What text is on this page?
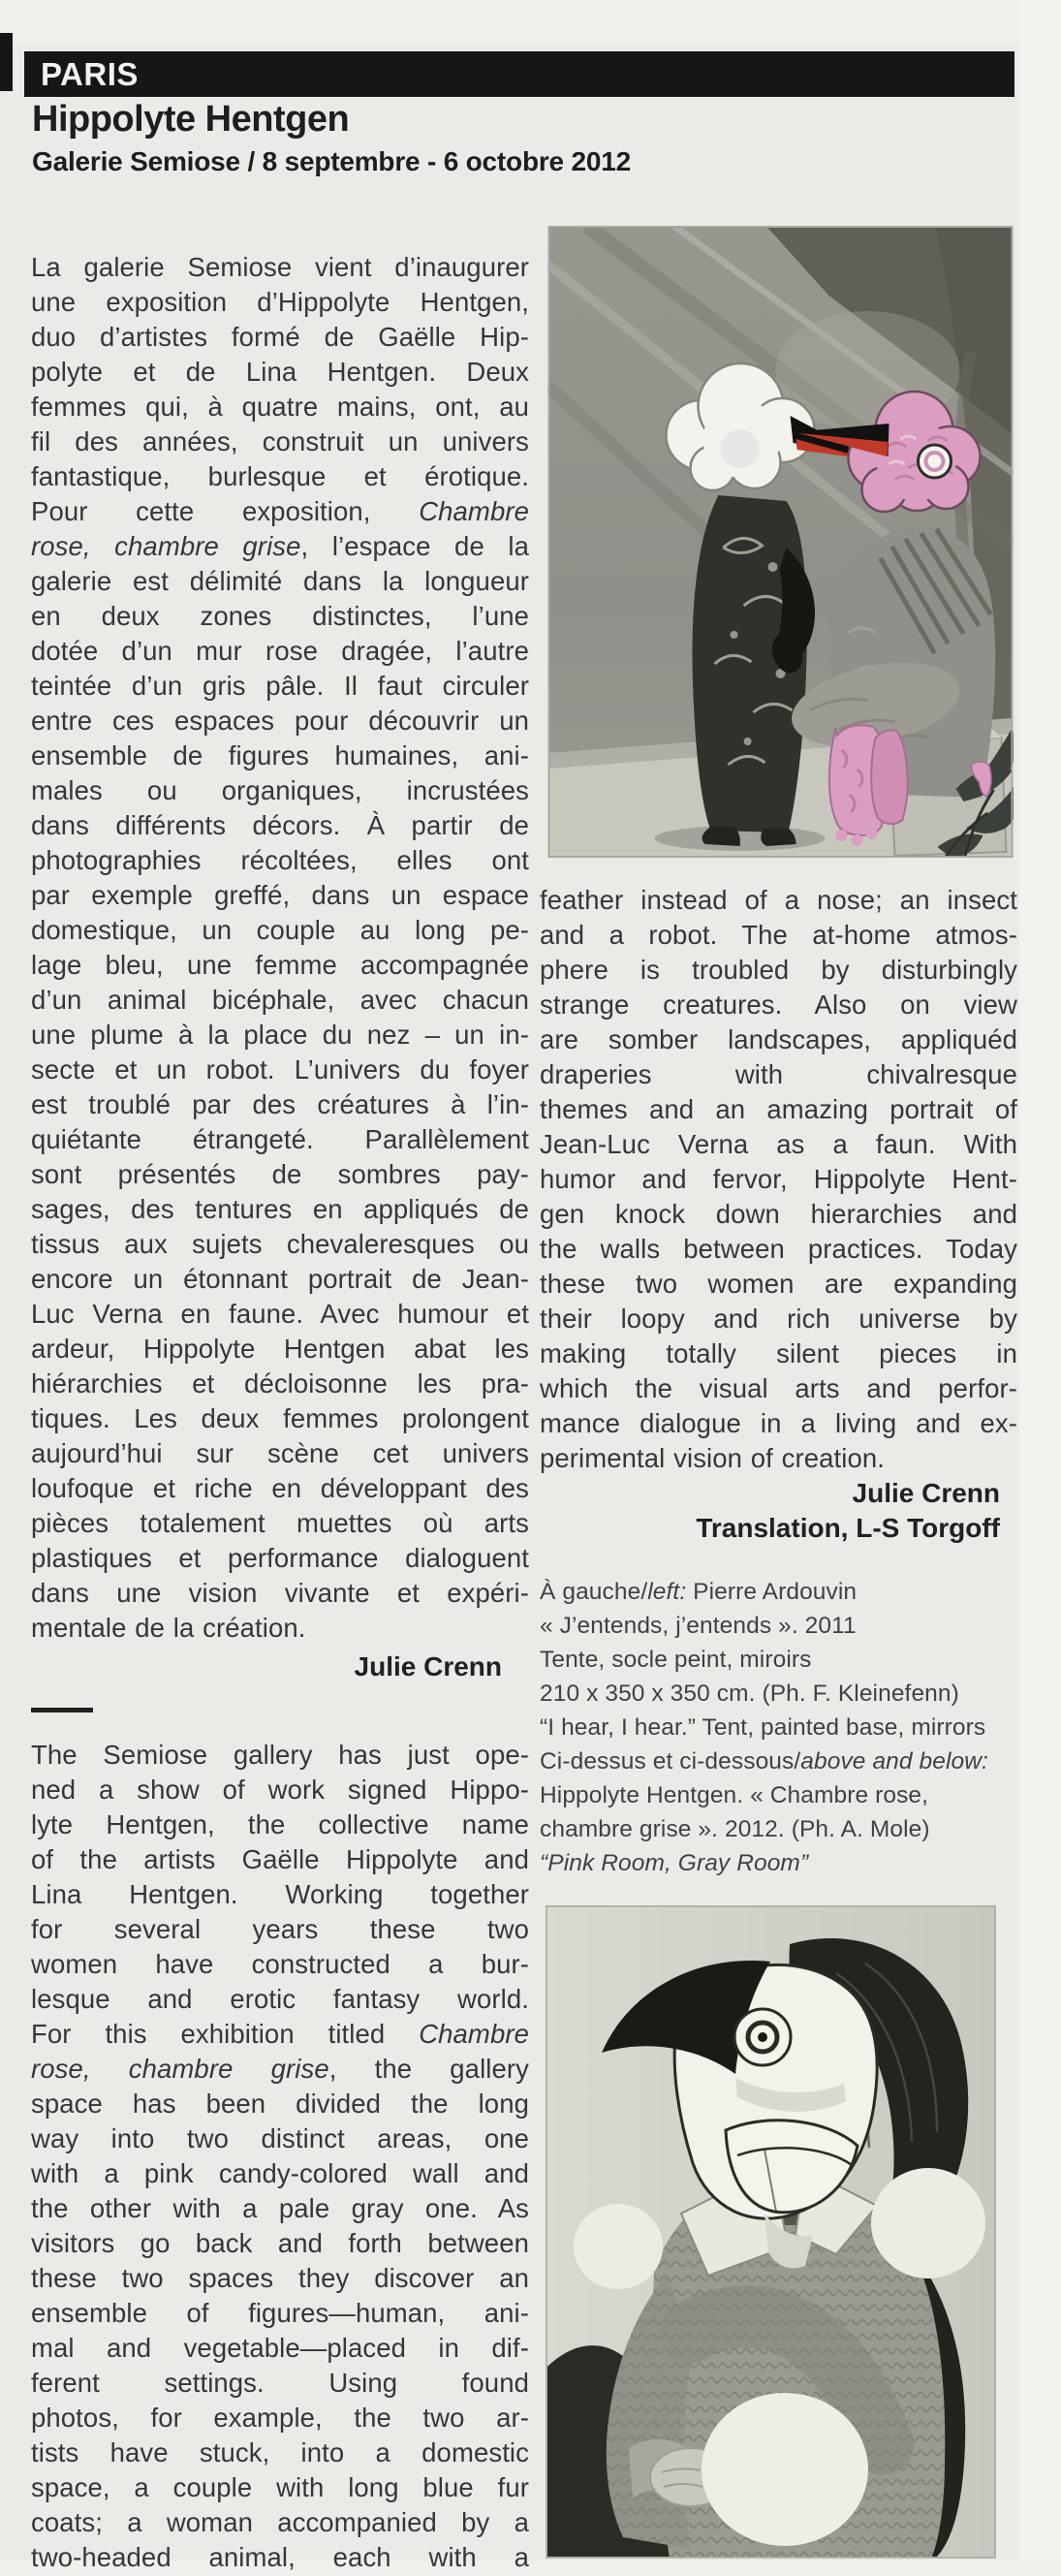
PARIS
Hippolyte Hentgen
Galerie Semiose / 8 septembre - 6 octobre 2012
La galerie Semiose vient d’inaugurer
une exposition d’Hippolyte Hentgen,
duo d’artistes formé de Gaëlle Hip-
polyte et de Lina Hentgen. Deux
femmes qui, à quatre mains, ont, au
fil des années, construit un univers
fantastique, burlesque et érotique.
Pour cette exposition, Chambre
rose, chambre grise, l’espace de la
galerie est délimité dans la longueur
en deux zones distinctes, l’une
dotée d’un mur rose dragée, l’autre
teintée d’un gris pâle. Il faut circuler
entre ces espaces pour découvrir un
ensemble de figures humaines, ani-
males ou organiques, incrustées
dans différents décors. À partir de
photographies récoltées, elles ont
par exemple greffé, dans un espace
domestique, un couple au long pe-
lage bleu, une femme accompagnée
d’un animal bicéphale, avec chacun
une plume à la place du nez – un in-
secte et un robot. L’univers du foyer
est troublé par des créatures à l’in-
quiétante étrangeté. Parallèlement
sont présentés de sombres pay-
sages, des tentures en appliqués de
tissus aux sujets chevaleresques ou
encore un étonnant portrait de Jean-
Luc Verna en faune. Avec humour et
ardeur, Hippolyte Hentgen abat les
hiérarchies et décloisonne les pra-
tiques. Les deux femmes prolongent
aujourd’hui sur scène cet univers
loufoque et riche en développant des
pièces totalement muettes où arts
plastiques et performance dialoguent
dans une vision vivante et expéri-
mentale de la création.
Julie Crenn
The Semiose gallery has just ope-
ned a show of work signed Hippo-
lyte Hentgen, the collective name
of the artists Gaëlle Hippolyte and
Lina Hentgen. Working together
for several years these two
women have constructed a bur-
lesque and erotic fantasy world.
For this exhibition titled Chambre
rose, chambre grise, the gallery
space has been divided the long
way into two distinct areas, one
with a pink candy-colored wall and
the other with a pale gray one. As
visitors go back and forth between
these two spaces they discover an
ensemble of figures—human, ani-
mal and vegetable—placed in dif-
ferent settings. Using found
photos, for example, the two ar-
tists have stuck, into a domestic
space, a couple with long blue fur
coats; a woman accompanied by a
two-headed animal, each with a
feather instead of a nose; an insect
and a robot. The at-home atmos-
phere is troubled by disturbingly
strange creatures. Also on view
are somber landscapes, appliquéd
draperies with chivalresque
themes and an amazing portrait of
Jean-Luc Verna as a faun. With
humor and fervor, Hippolyte Hent-
gen knock down hierarchies and
the walls between practices. Today
these two women are expanding
their loopy and rich universe by
making totally silent pieces in
which the visual arts and perfor-
mance dialogue in a living and ex-
perimental vision of creation.
Julie Crenn
Translation, L-S Torgoff
À gauche/left: Pierre Ardouvin
« J’entends, j’entends ». 2011
Tente, socle peint, miroirs
210 x 350 x 350 cm. (Ph. F. Kleinefenn)
“I hear, I hear.” Tent, painted base, mirrors
Ci-dessus et ci-dessous/above and below:
Hippolyte Hentgen. « Chambre rose,
chambre grise ». 2012. (Ph. A. Mole)
“Pink Room, Gray Room”
